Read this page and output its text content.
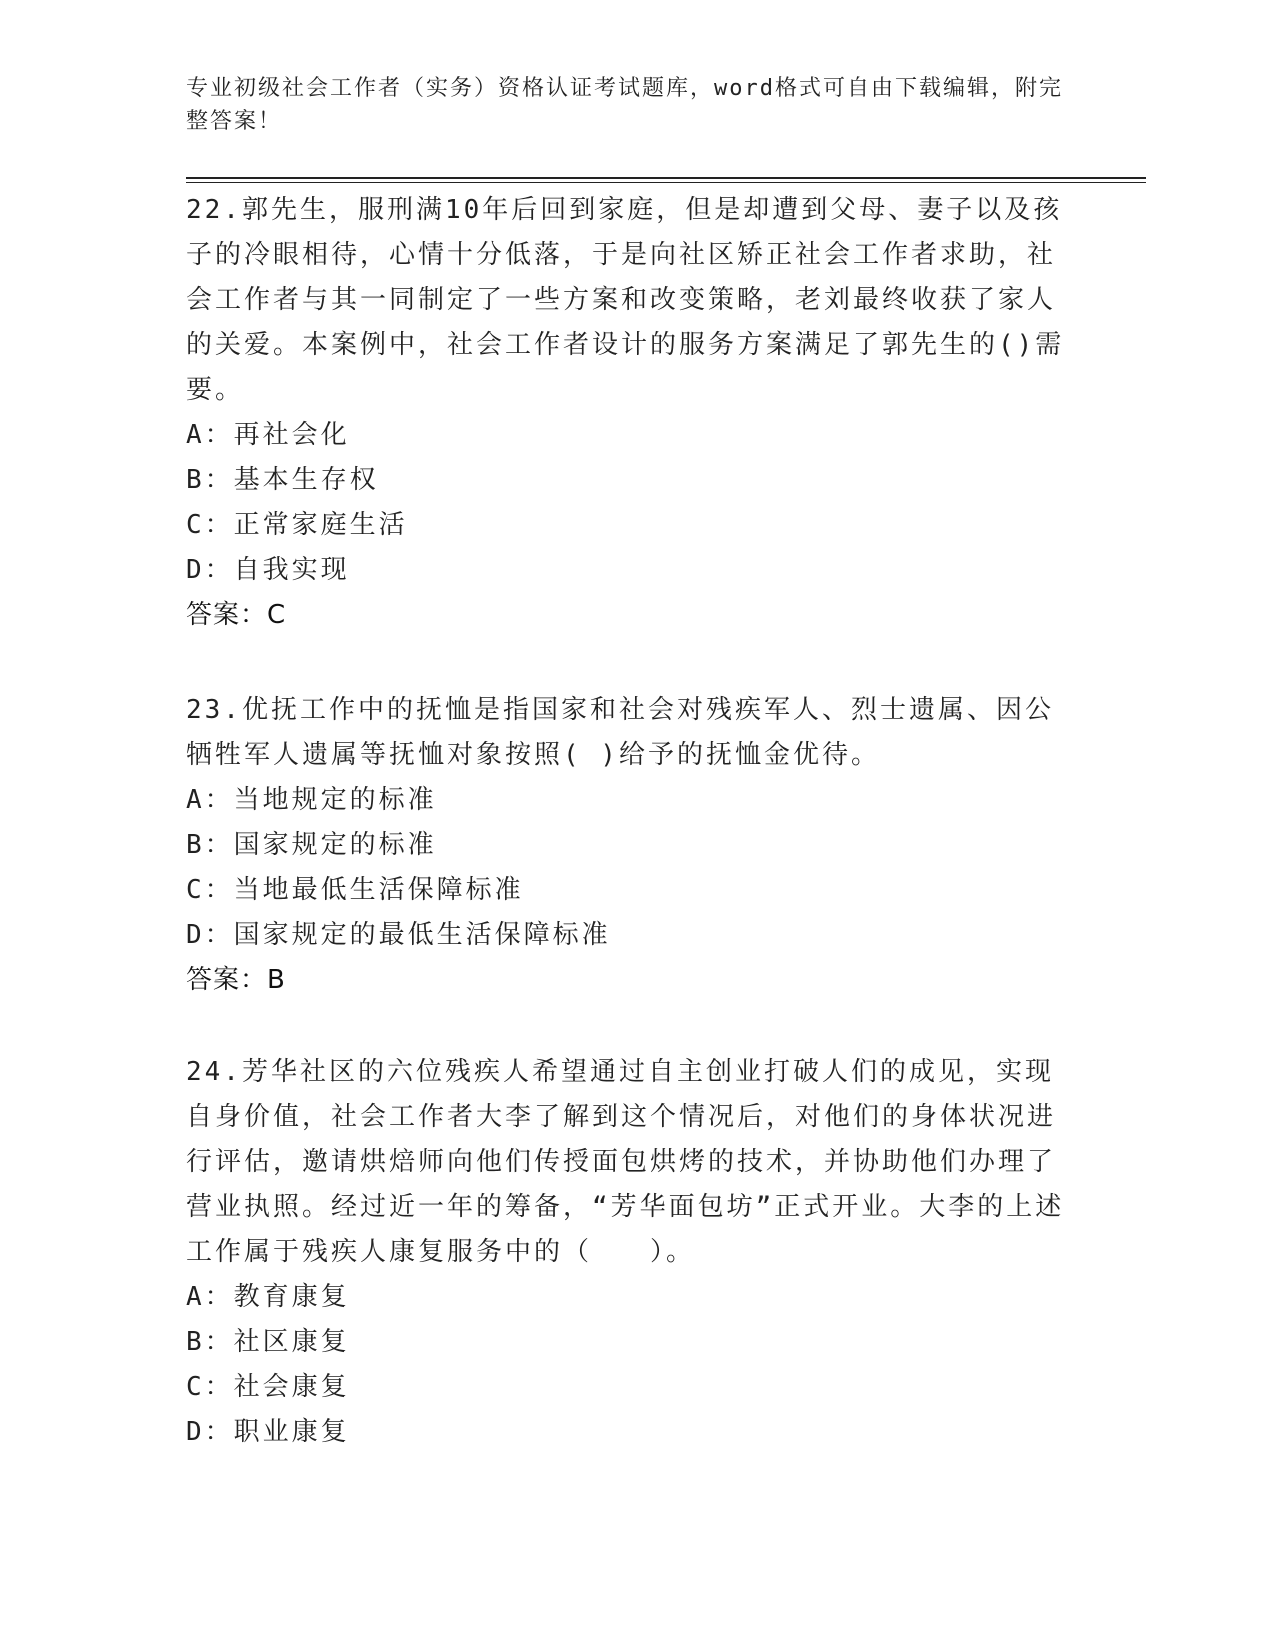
专业初级社会工作者（实务）资格认证考试题库，word格式可自由下载编辑，附完整答案！

22.郭先生，服刑满10年后回到家庭，但是却遭到父母、妻子以及孩子的冷眼相待，心情十分低落，于是向社区矫正社会工作者求助，社会工作者与其一同制定了一些方案和改变策略，老刘最终收获了家人的关爱。本案例中，社会工作者设计的服务方案满足了郭先生的()需要。

A：再社会化

B：基本生存权

C：正常家庭生活

D：自我实现

答案：C

23.优抚工作中的抚恤是指国家和社会对残疾军人、烈士遗属、因公牺牲军人遗属等抚恤对象按照( )给予的抚恤金优待。

A：当地规定的标准

B：国家规定的标准

C：当地最低生活保障标准

D：国家规定的最低生活保障标准

答案：B

24.芳华社区的六位残疾人希望通过自主创业打破人们的成见，实现自身价值，社会工作者大李了解到这个情况后，对他们的身体状况进行评估，邀请烘焙师向他们传授面包烘烤的技术，并协助他们办理了营业执照。经过近一年的筹备，“芳华面包坊”正式开业。大李的上述工作属于残疾人康复服务中的（　　）。

A：教育康复

B：社区康复

C：社会康复

D：职业康复
